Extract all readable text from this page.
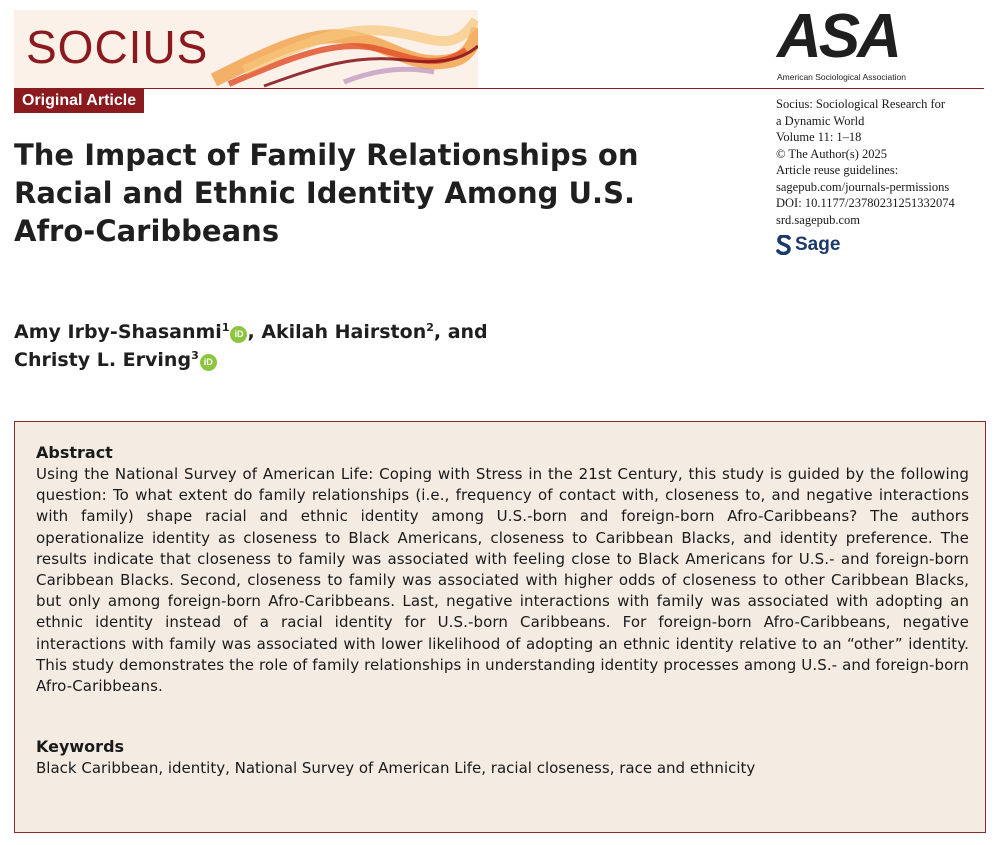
SOCIUS
Original Article
ASA
American Sociological Association
Socius: Sociological Research for
a Dynamic World
Volume 11: 1–18
© The Author(s) 2025
Article reuse guidelines:
sagepub.com/journals-permissions
DOI: 10.1177/23780231251332074
srd.sagepub.com
Sage
The Impact of Family Relationships on Racial and Ethnic Identity Among U.S. Afro-Caribbeans
Amy Irby-Shasanmi$^1$ iD , Akilah Hairston$^2$, and
Christy L. Erving$^3$ iD
Abstract
Using the National Survey of American Life: Coping with Stress in the 21st Century, this study is guided by the following question: To what extent do family relationships (i.e., frequency of contact with, closeness to, and negative interactions with family) shape racial and ethnic identity among U.S.-born and foreign-born Afro-Caribbeans? The authors operationalize identity as closeness to Black Americans, closeness to Caribbean Blacks, and identity preference. The results indicate that closeness to family was associated with feeling close to Black Americans for U.S.- and foreign-born Caribbean Blacks. Second, closeness to family was associated with higher odds of closeness to other Caribbean Blacks, but only among foreign-born Afro-Caribbeans. Last, negative interactions with family was associated with adopting an ethnic identity instead of a racial identity for U.S.-born Caribbeans. For foreign-born Afro-Caribbeans, negative interactions with family was associated with lower likelihood of adopting an ethnic identity relative to an “other” identity. This study demonstrates the role of family relationships in understanding identity processes among U.S.- and foreign-born Afro-Caribbeans.
Keywords
Black Caribbean, identity, National Survey of American Life, racial closeness, race and ethnicity
